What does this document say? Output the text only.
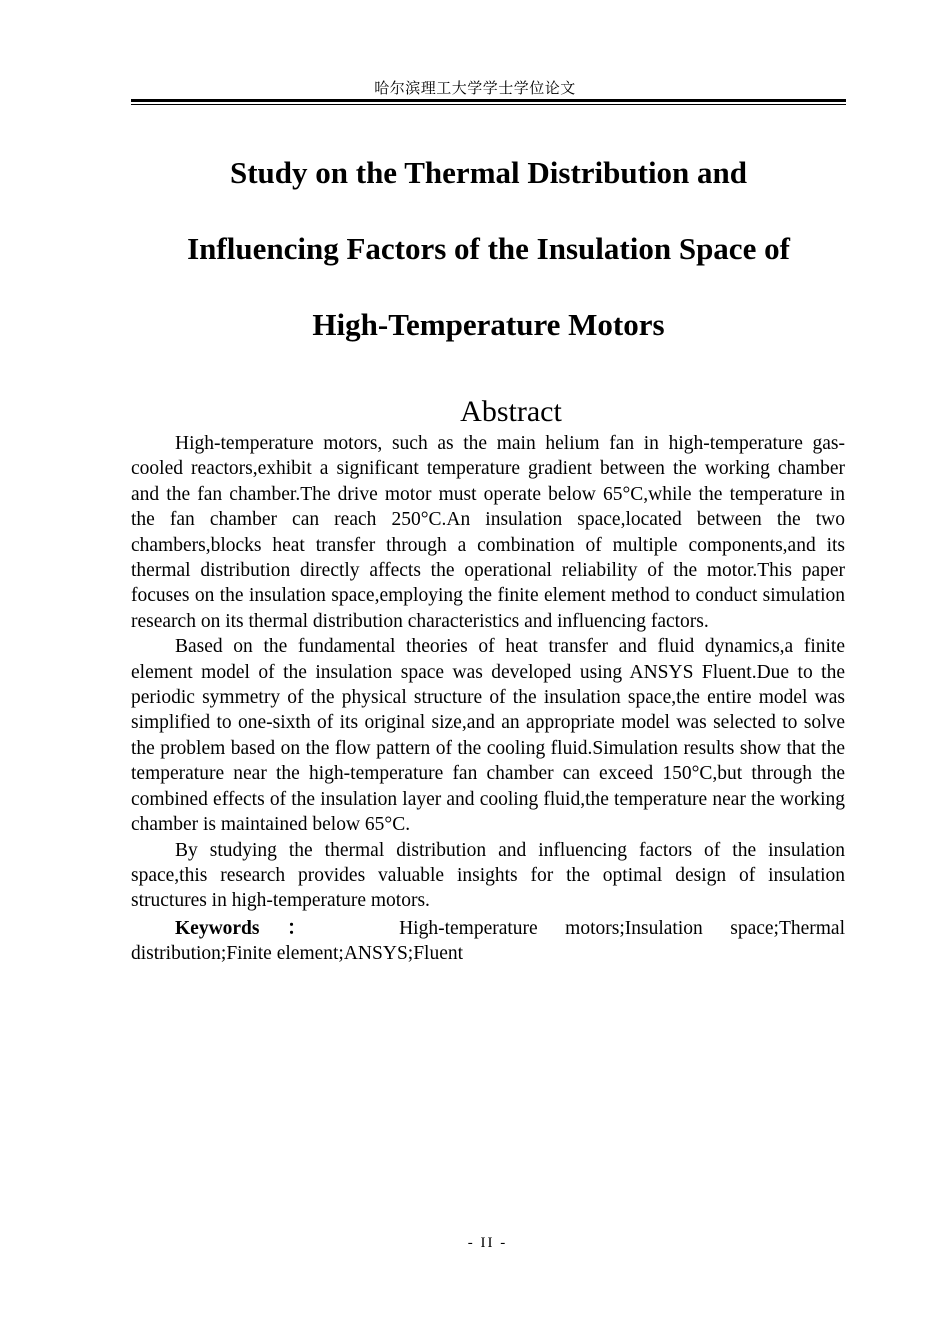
哈尔滨理工大学学士学位论文
Study on the Thermal Distribution and
Influencing Factors of the Insulation Space of
High-Temperature Motors
Abstract

High-temperature motors, such as the main helium fan in high-temperature gas-cooled reactors,exhibit a significant temperature gradient between the working chamber and the fan chamber.The drive motor must operate below 65°C,while the temperature in the fan chamber can reach 250°C.An insulation space,located between the two chambers,blocks heat transfer through a combination of multiple components,and its thermal distribution directly affects the operational reliability of the motor.This paper focuses on the insulation space,employing the finite element method to conduct simulation research on its thermal distribution characteristics and influencing factors.

Based on the fundamental theories of heat transfer and fluid dynamics,a finite element model of the insulation space was developed using ANSYS Fluent.Due to the periodic symmetry of the physical structure of the insulation space,the entire model was simplified to one-sixth of its original size,and an appropriate model was selected to solve the problem based on the flow pattern of the cooling fluid.Simulation results show that the temperature near the high-temperature fan chamber can exceed 150°C,but through the combined effects of the insulation layer and cooling fluid,the temperature near the working chamber is maintained below 65°C.

By studying the thermal distribution and influencing factors of the insulation space,this research provides valuable insights for the optimal design of insulation structures in high-temperature motors.

Keywords ：	High-temperature motors;Insulation space;Thermal distribution;Finite element;ANSYS;Fluent

- II -
